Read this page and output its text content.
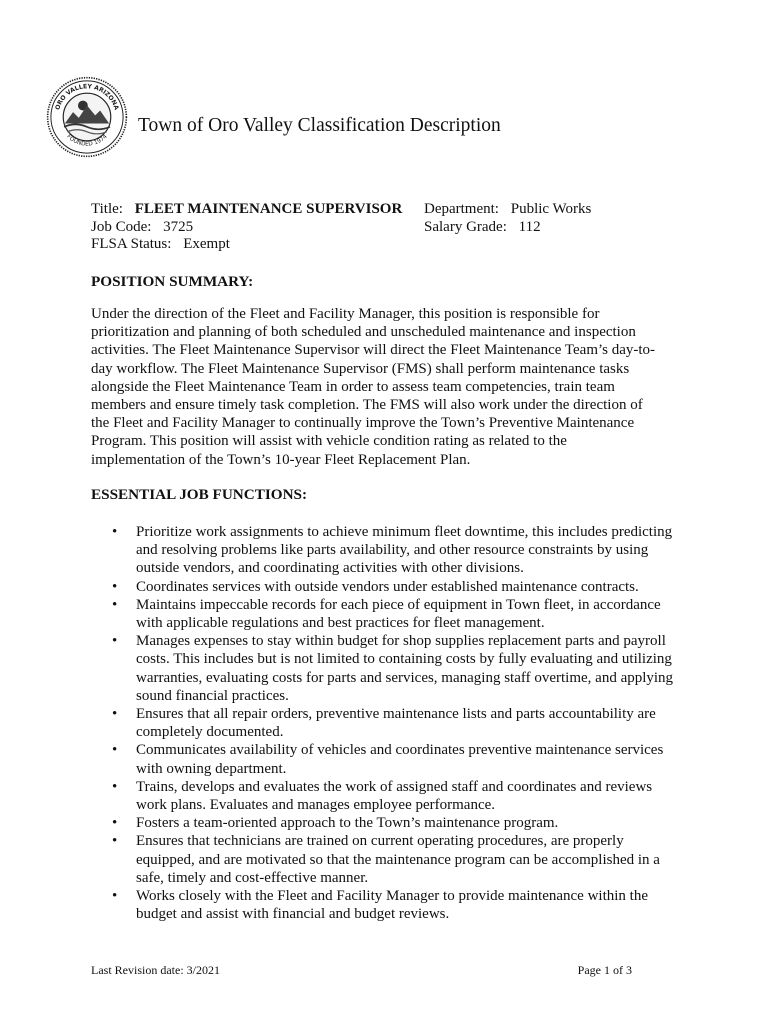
ORO VALLEY ARIZONA
FOUNDED 1974
Town of Oro Valley Classification Description
Title: FLEET MAINTENANCE SUPERVISOR
Job Code: 3725
FLSA Status: Exempt
Department: Public Works
Salary Grade: 112
POSITION SUMMARY:

Under the direction of the Fleet and Facility Manager, this position is responsible for
prioritization and planning of both scheduled and unscheduled maintenance and inspection
activities. The Fleet Maintenance Supervisor will direct the Fleet Maintenance Team’s day-to-
day workflow. The Fleet Maintenance Supervisor (FMS) shall perform maintenance tasks
alongside the Fleet Maintenance Team in order to assess team competencies, train team
members and ensure timely task completion. The FMS will also work under the direction of
the Fleet and Facility Manager to continually improve the Town’s Preventive Maintenance
Program. This position will assist with vehicle condition rating as related to the
implementation of the Town’s 10-year Fleet Replacement Plan.

ESSENTIAL JOB FUNCTIONS:
• Prioritize work assignments to achieve minimum fleet downtime, this includes predicting
and resolving problems like parts availability, and other resource constraints by using
outside vendors, and coordinating activities with other divisions.
• Coordinates services with outside vendors under established maintenance contracts.
• Maintains impeccable records for each piece of equipment in Town fleet, in accordance
with applicable regulations and best practices for fleet management.
• Manages expenses to stay within budget for shop supplies replacement parts and payroll
costs. This includes but is not limited to containing costs by fully evaluating and utilizing
warranties, evaluating costs for parts and services, managing staff overtime, and applying
sound financial practices.
• Ensures that all repair orders, preventive maintenance lists and parts accountability are
completely documented.
• Communicates availability of vehicles and coordinates preventive maintenance services
with owning department.
• Trains, develops and evaluates the work of assigned staff and coordinates and reviews
work plans. Evaluates and manages employee performance.
• Fosters a team-oriented approach to the Town’s maintenance program.
• Ensures that technicians are trained on current operating procedures, are properly
equipped, and are motivated so that the maintenance program can be accomplished in a
safe, timely and cost-effective manner.
• Works closely with the Fleet and Facility Manager to provide maintenance within the
budget and assist with financial and budget reviews.
Last Revision date: 3/2021	Page 1 of 3
